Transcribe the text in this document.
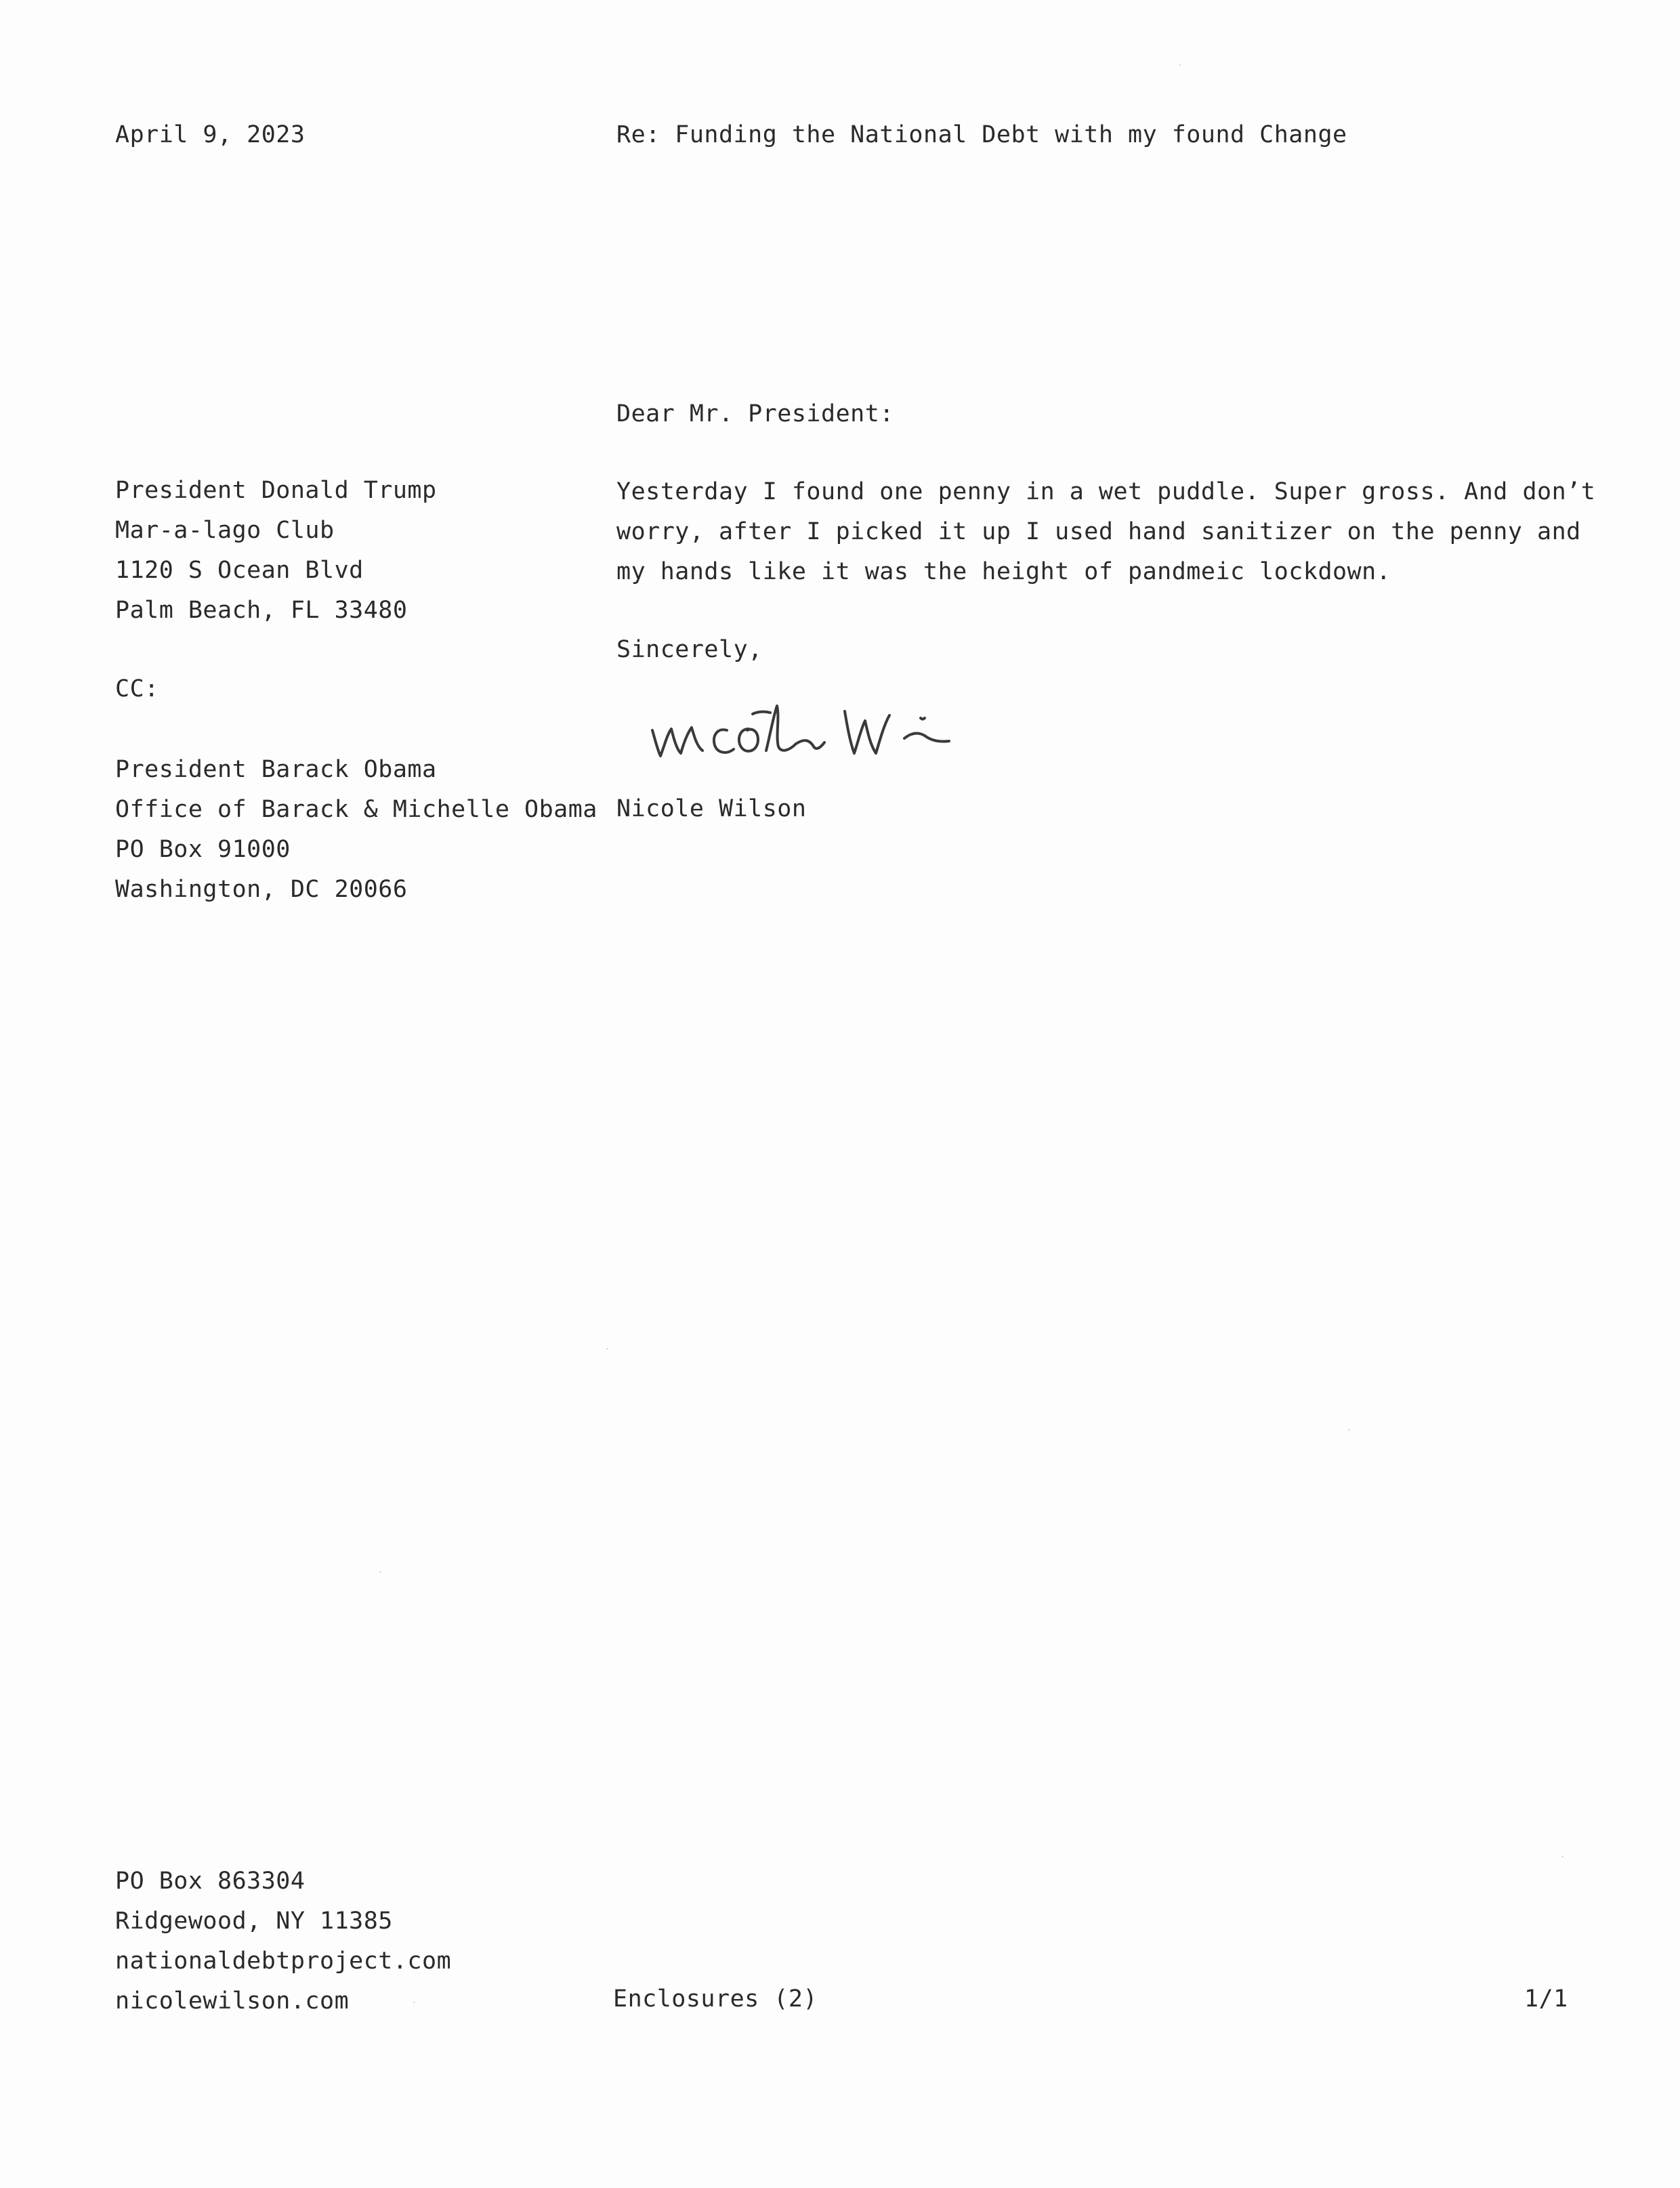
April 9, 2023	Re: Funding the National Debt with my found Change
Dear Mr. President:
President Donald Trump
Mar-a-lago Club
1120 S Ocean Blvd
Palm Beach, FL 33480
Yesterday I found one penny in a wet puddle. Super gross. And don’t
worry, after I picked it up I used hand sanitizer on the penny and
my hands like it was the height of pandmeic lockdown.
Sincerely,
CC:
President Barack Obama
Office of Barack & Michelle Obama
PO Box 91000
Washington, DC 20066
Nicole Wilson
PO Box 863304
Ridgewood, NY 11385
nationaldebtproject.com
nicolewilson.com	Enclosures (2)	1/1
